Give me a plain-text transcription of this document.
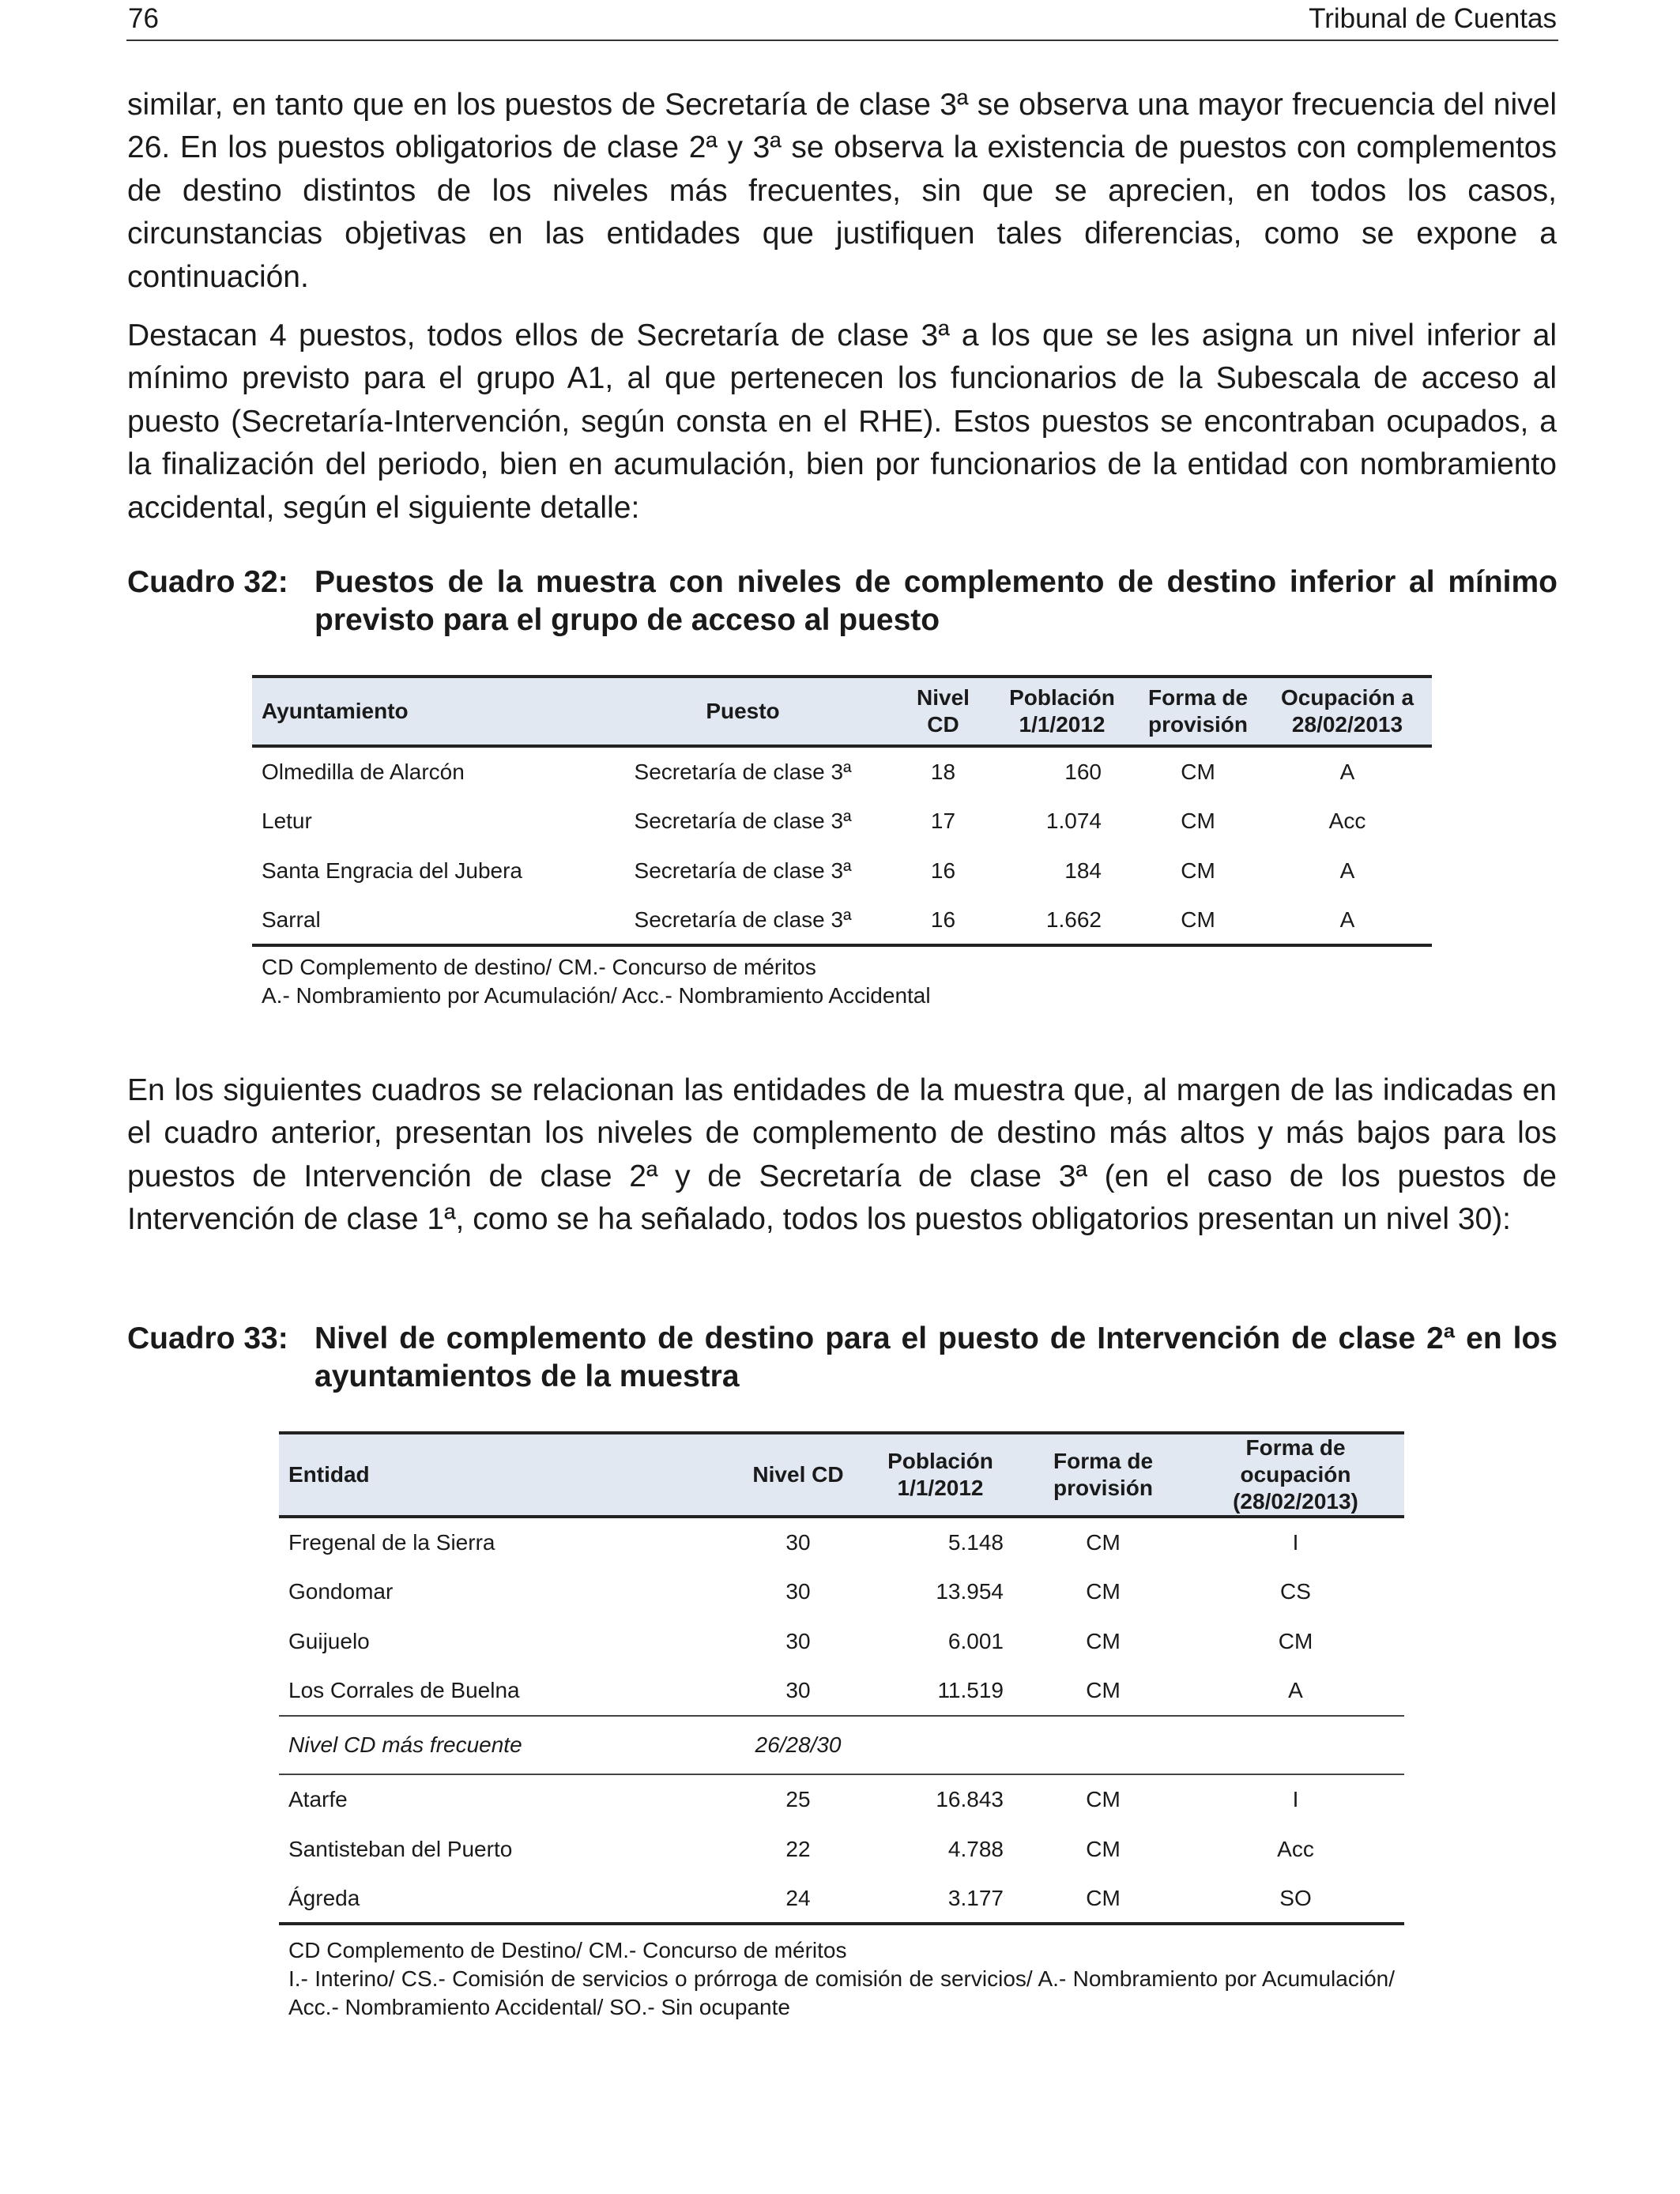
76	Tribunal de Cuentas

similar, en tanto que en los puestos de Secretaría de clase 3ª se observa una mayor frecuencia del nivel 26. En los puestos obligatorios de clase 2ª y 3ª se observa la existencia de puestos con complementos de destino distintos de los niveles más frecuentes, sin que se aprecien, en todos los casos, circunstancias objetivas en las entidades que justifiquen tales diferencias, como se expone a continuación.

Destacan 4 puestos, todos ellos de Secretaría de clase 3ª a los que se les asigna un nivel inferior al mínimo previsto para el grupo A1, al que pertenecen los funcionarios de la Subescala de acceso al puesto (Secretaría-Intervención, según consta en el RHE). Estos puestos se encontraban ocupados, a la finalización del periodo, bien en acumulación, bien por funcionarios de la entidad con nombramiento accidental, según el siguiente detalle:

Cuadro 32: Puestos de la muestra con niveles de complemento de destino inferior al mínimo previsto para el grupo de acceso al puesto
Ayuntamiento	Puesto	Nivel CD	Población 1/1/2012	Forma de provisión	Ocupación a 28/02/2013
Olmedilla de Alarcón	Secretaría de clase 3ª	18	160	CM	A
Letur	Secretaría de clase 3ª	17	1.074	CM	Acc
Santa Engracia del Jubera	Secretaría de clase 3ª	16	184	CM	A
Sarral	Secretaría de clase 3ª	16	1.662	CM	A

CD Complemento de destino/ CM.- Concurso de méritos

A.- Nombramiento por Acumulación/ Acc.- Nombramiento Accidental

En los siguientes cuadros se relacionan las entidades de la muestra que, al margen de las indicadas en el cuadro anterior, presentan los niveles de complemento de destino más altos y más bajos para los puestos de Intervención de clase 2ª y de Secretaría de clase 3ª (en el caso de los puestos de Intervención de clase 1ª, como se ha señalado, todos los puestos obligatorios presentan un nivel 30):

Cuadro 33: Nivel de complemento de destino para el puesto de Intervención de clase 2ª en los ayuntamientos de la muestra
Entidad	Nivel CD	Población 1/1/2012	Forma de provisión	Forma de ocupación (28/02/2013)
Fregenal de la Sierra	30	5.148	CM	I
Gondomar	30	13.954	CM	CS
Guijuelo	30	6.001	CM	CM
Los Corrales de Buelna	30	11.519	CM	A
Nivel CD más frecuente	26/28/30			
Atarfe	25	16.843	CM	I
Santisteban del Puerto	22	4.788	CM	Acc
Ágreda	24	3.177	CM	SO

CD Complemento de Destino/ CM.- Concurso de méritos

I.- Interino/ CS.- Comisión de servicios o prórroga de comisión de servicios/ A.- Nombramiento por Acumulación/ Acc.- Nombramiento Accidental/ SO.- Sin ocupante
